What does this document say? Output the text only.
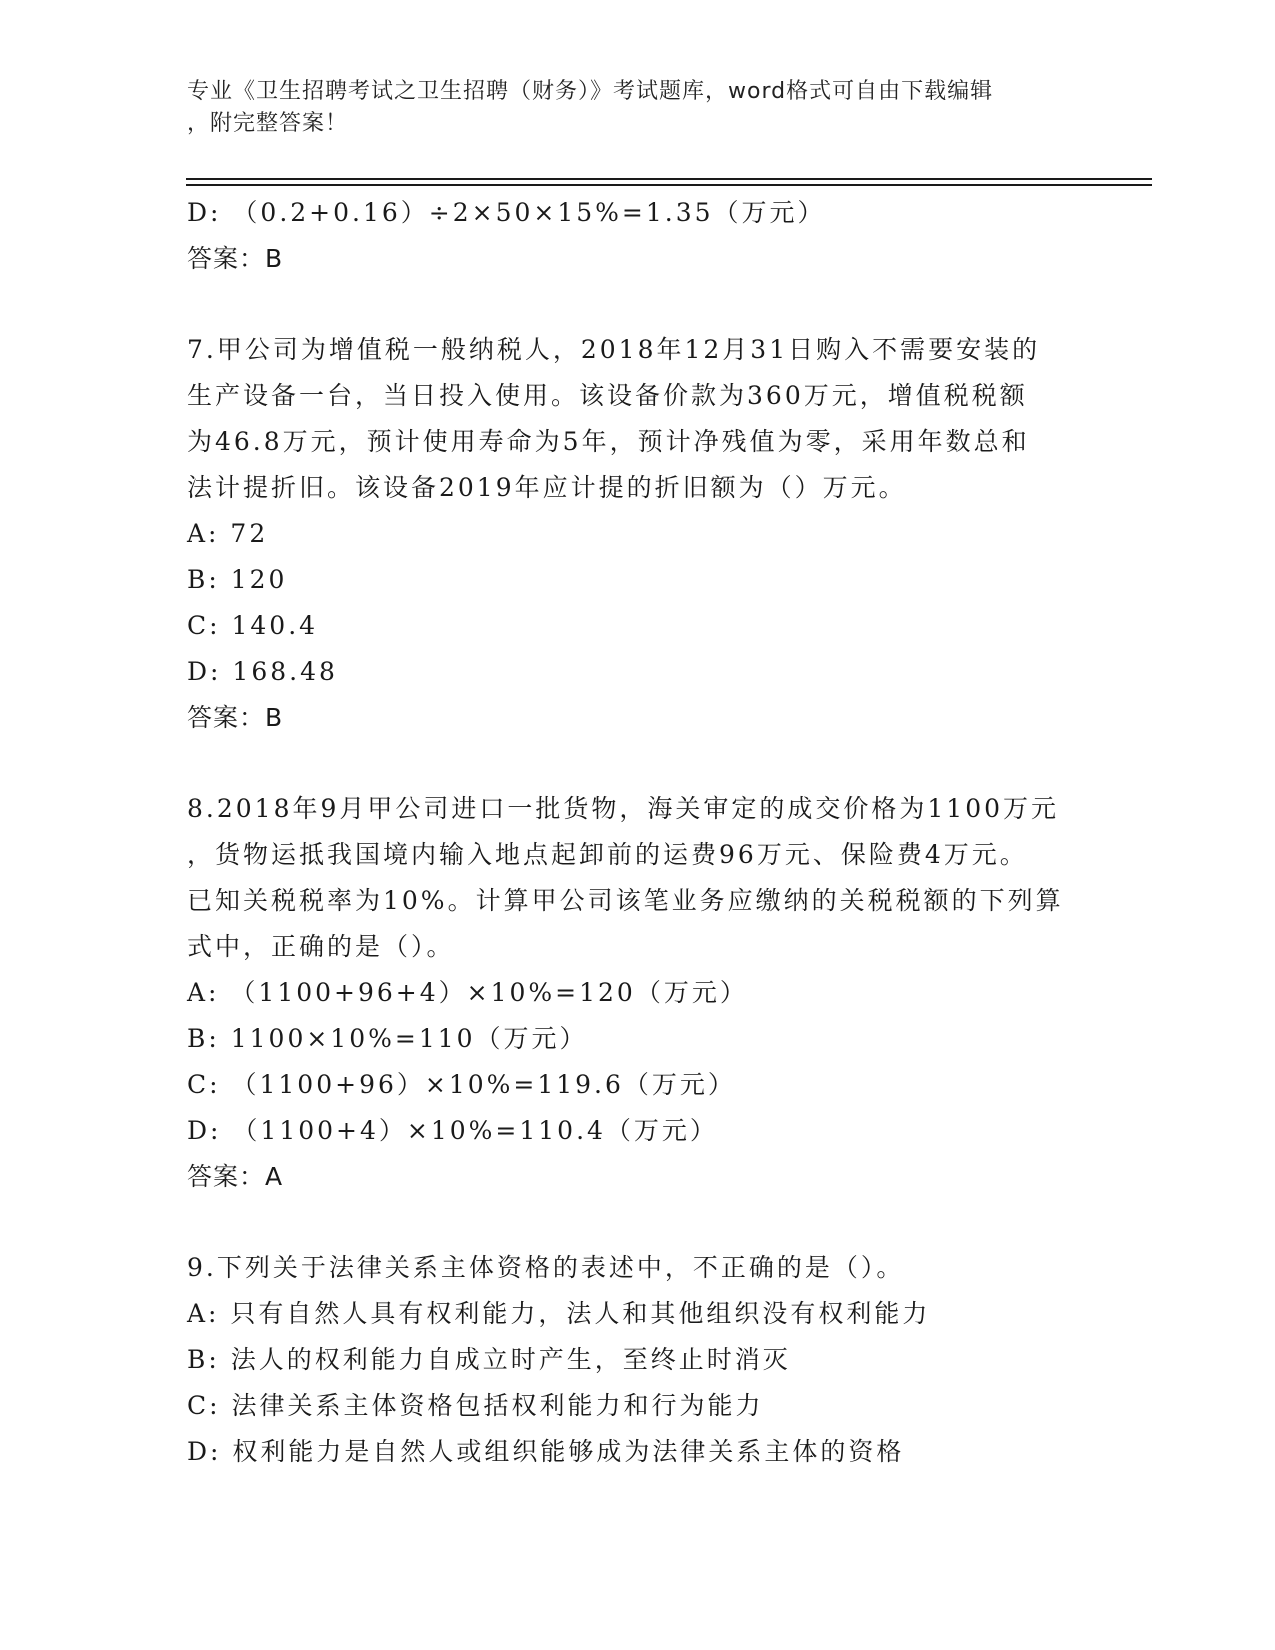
专业《卫生招聘考试之卫生招聘（财务）》考试题库，word格式可自由下载编辑
，附完整答案！
D: （0.2+0.16）÷2×50×15%=1.35（万元）
答案：B
7.甲公司为增值税一般纳税人，2018年12月31日购入不需要安装的
生产设备一台，当日投入使用。该设备价款为360万元，增值税税额
为46.8万元，预计使用寿命为5年，预计净残值为零，采用年数总和
法计提折旧。该设备2019年应计提的折旧额为（）万元。
A: 72
B: 120
C: 140.4
D: 168.48
答案：B
8.2018年9月甲公司进口一批货物，海关审定的成交价格为1100万元
，货物运抵我国境内输入地点起卸前的运费96万元、保险费4万元。
已知关税税率为10%。计算甲公司该笔业务应缴纳的关税税额的下列算
式中，正确的是（）。
A: （1100+96+4）×10%=120（万元）
B: 1100×10%=110（万元）
C: （1100+96）×10%=119.6（万元）
D: （1100+4）×10%=110.4（万元）
答案：A
9.下列关于法律关系主体资格的表述中，不正确的是（）。
A: 只有自然人具有权利能力，法人和其他组织没有权利能力
B: 法人的权利能力自成立时产生，至终止时消灭
C: 法律关系主体资格包括权利能力和行为能力
D: 权利能力是自然人或组织能够成为法律关系主体的资格
